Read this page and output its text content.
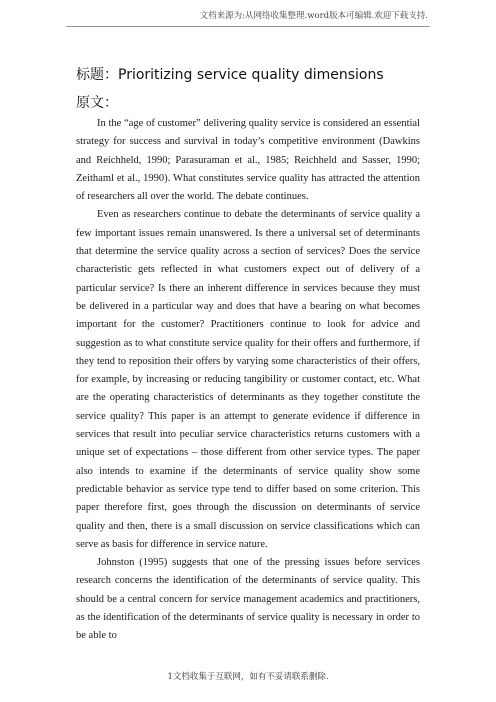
文档来源为:从网络收集整理.word版本可编辑.欢迎下载支持.
标题：Prioritizing service quality dimensions
原文：

In the “age of customer” delivering quality service is considered an essential strategy for success and survival in today’s competitive environment (Dawkins and Reichheld, 1990; Parasuraman et al., 1985; Reichheld and Sasser, 1990; Zeithaml et al., 1990). What constitutes service quality has attracted the attention of researchers all over the world. The debate continues.

Even as researchers continue to debate the determinants of service quality a few important issues remain unanswered. Is there a universal set of determinants that determine the service quality across a section of services? Does the service characteristic gets reflected in what customers expect out of delivery of a particular service? Is there an inherent difference in services because they must be delivered in a particular way and does that have a bearing on what becomes important for the customer? Practitioners continue to look for advice and suggestion as to what constitute service quality for their offers and furthermore, if they tend to reposition their offers by varying some characteristics of their offers, for example, by increasing or reducing tangibility or customer contact, etc. What are the operating characteristics of determinants as they together constitute the service quality? This paper is an attempt to generate evidence if difference in services that result into peculiar service characteristics returns customers with a unique set of expectations – those different from other service types. The paper also intends to examine if the determinants of service quality show some predictable behavior as service type tend to differ based on some criterion. This paper therefore first, goes through the discussion on determinants of service quality and then, there is a small discussion on service classifications which can serve as basis for difference in service nature.

Johnston (1995) suggests that one of the pressing issues before services research concerns the identification of the determinants of service quality. This should be a central concern for service management academics and practitioners, as the identification of the determinants of service quality is necessary in order to be able to

1文档收集于互联网，如有不妥请联系删除.
